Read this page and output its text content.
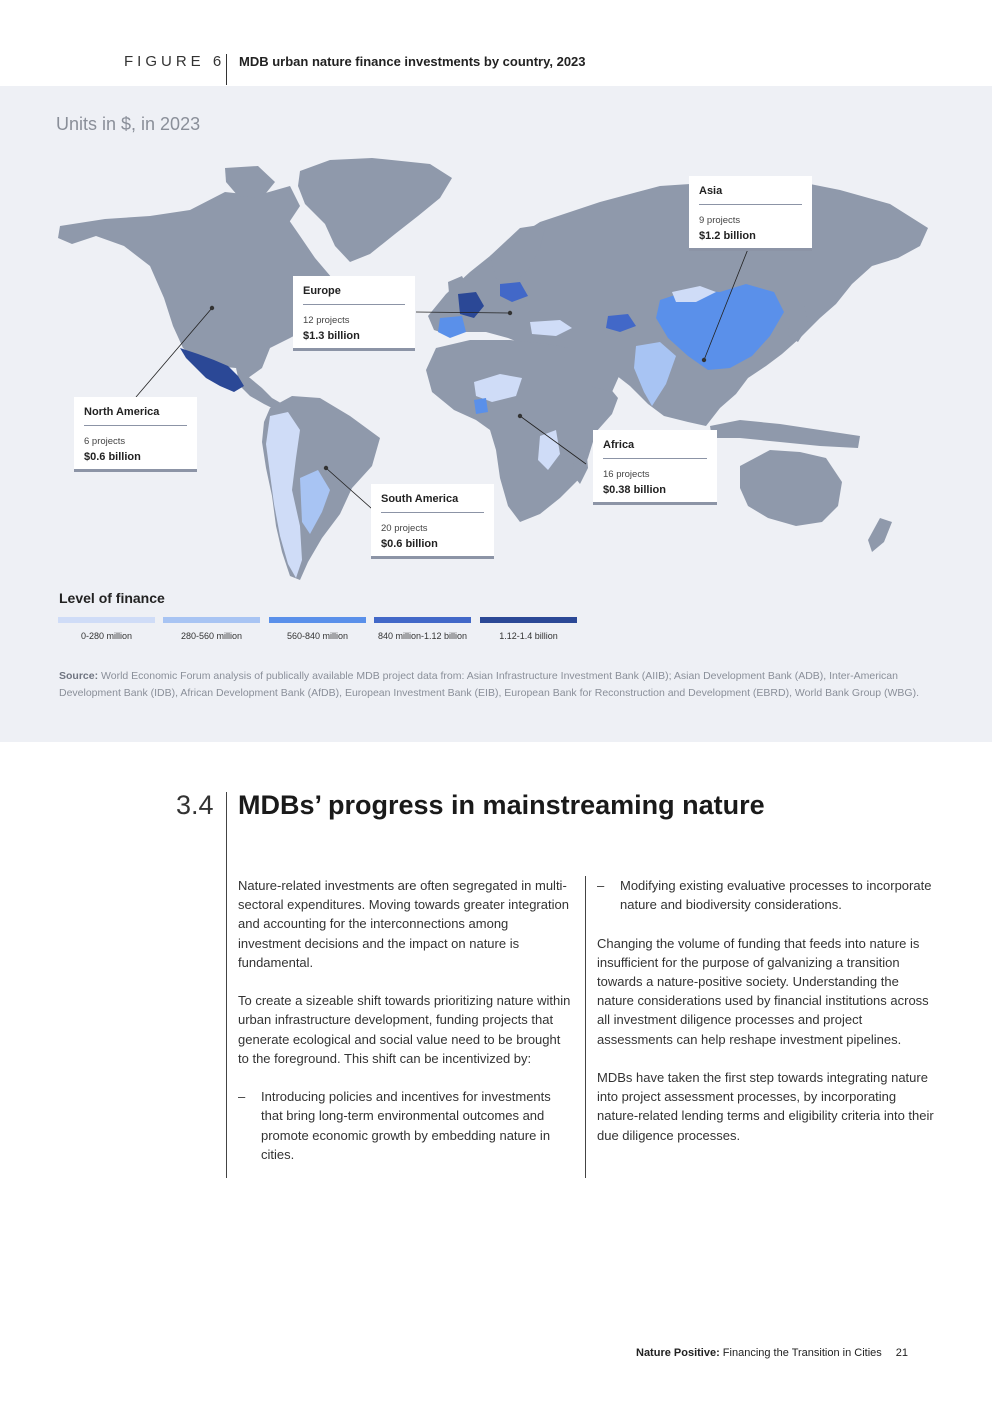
FIGURE 6 MDB urban nature finance investments by country, 2023
Units in $, in 2023
Europe
12 projects
$1.3 billion
Asia
9 projects
$1.2 billion
North America
6 projects
$0.6 billion
Africa
16 projects
$0.38 billion
South America
20 projects
$0.6 billion
Level of finance
0-280 million	280-560 million	560-840 million	840 million-1.12 billion	1.12-1.4 billion
Source: World Economic Forum analysis of publically available MDB project data from: Asian Infrastructure Investment Bank (AIIB); Asian Development Bank (ADB), Inter-American Development Bank (IDB), African Development Bank (AfDB), European Investment Bank (EIB), European Bank for Reconstruction and Development (EBRD), World Bank Group (WBG).
3.4 MDBs’ progress in mainstreaming nature

Nature-related investments are often segregated in multi-sectoral expenditures. Moving towards greater integration and accounting for the interconnections among investment decisions and the impact on nature is fundamental.

To create a sizeable shift towards prioritizing nature within urban infrastructure development, funding projects that generate ecological and social value need to be brought to the foreground. This shift can be incentivized by:

–	Introducing policies and incentives for investments that bring long-term environmental outcomes and promote economic growth by embedding nature in cities.
–	Modifying existing evaluative processes to incorporate nature and biodiversity considerations.

Changing the volume of funding that feeds into nature is insufficient for the purpose of galvanizing a transition towards a nature-positive society. Understanding the nature considerations used by financial institutions across all investment diligence processes and project assessments can help reshape investment pipelines.

MDBs have taken the first step towards integrating nature into project assessment processes, by incorporating nature-related lending terms and eligibility criteria into their due diligence processes.

Nature Positive: Financing the Transition in Cities 21
